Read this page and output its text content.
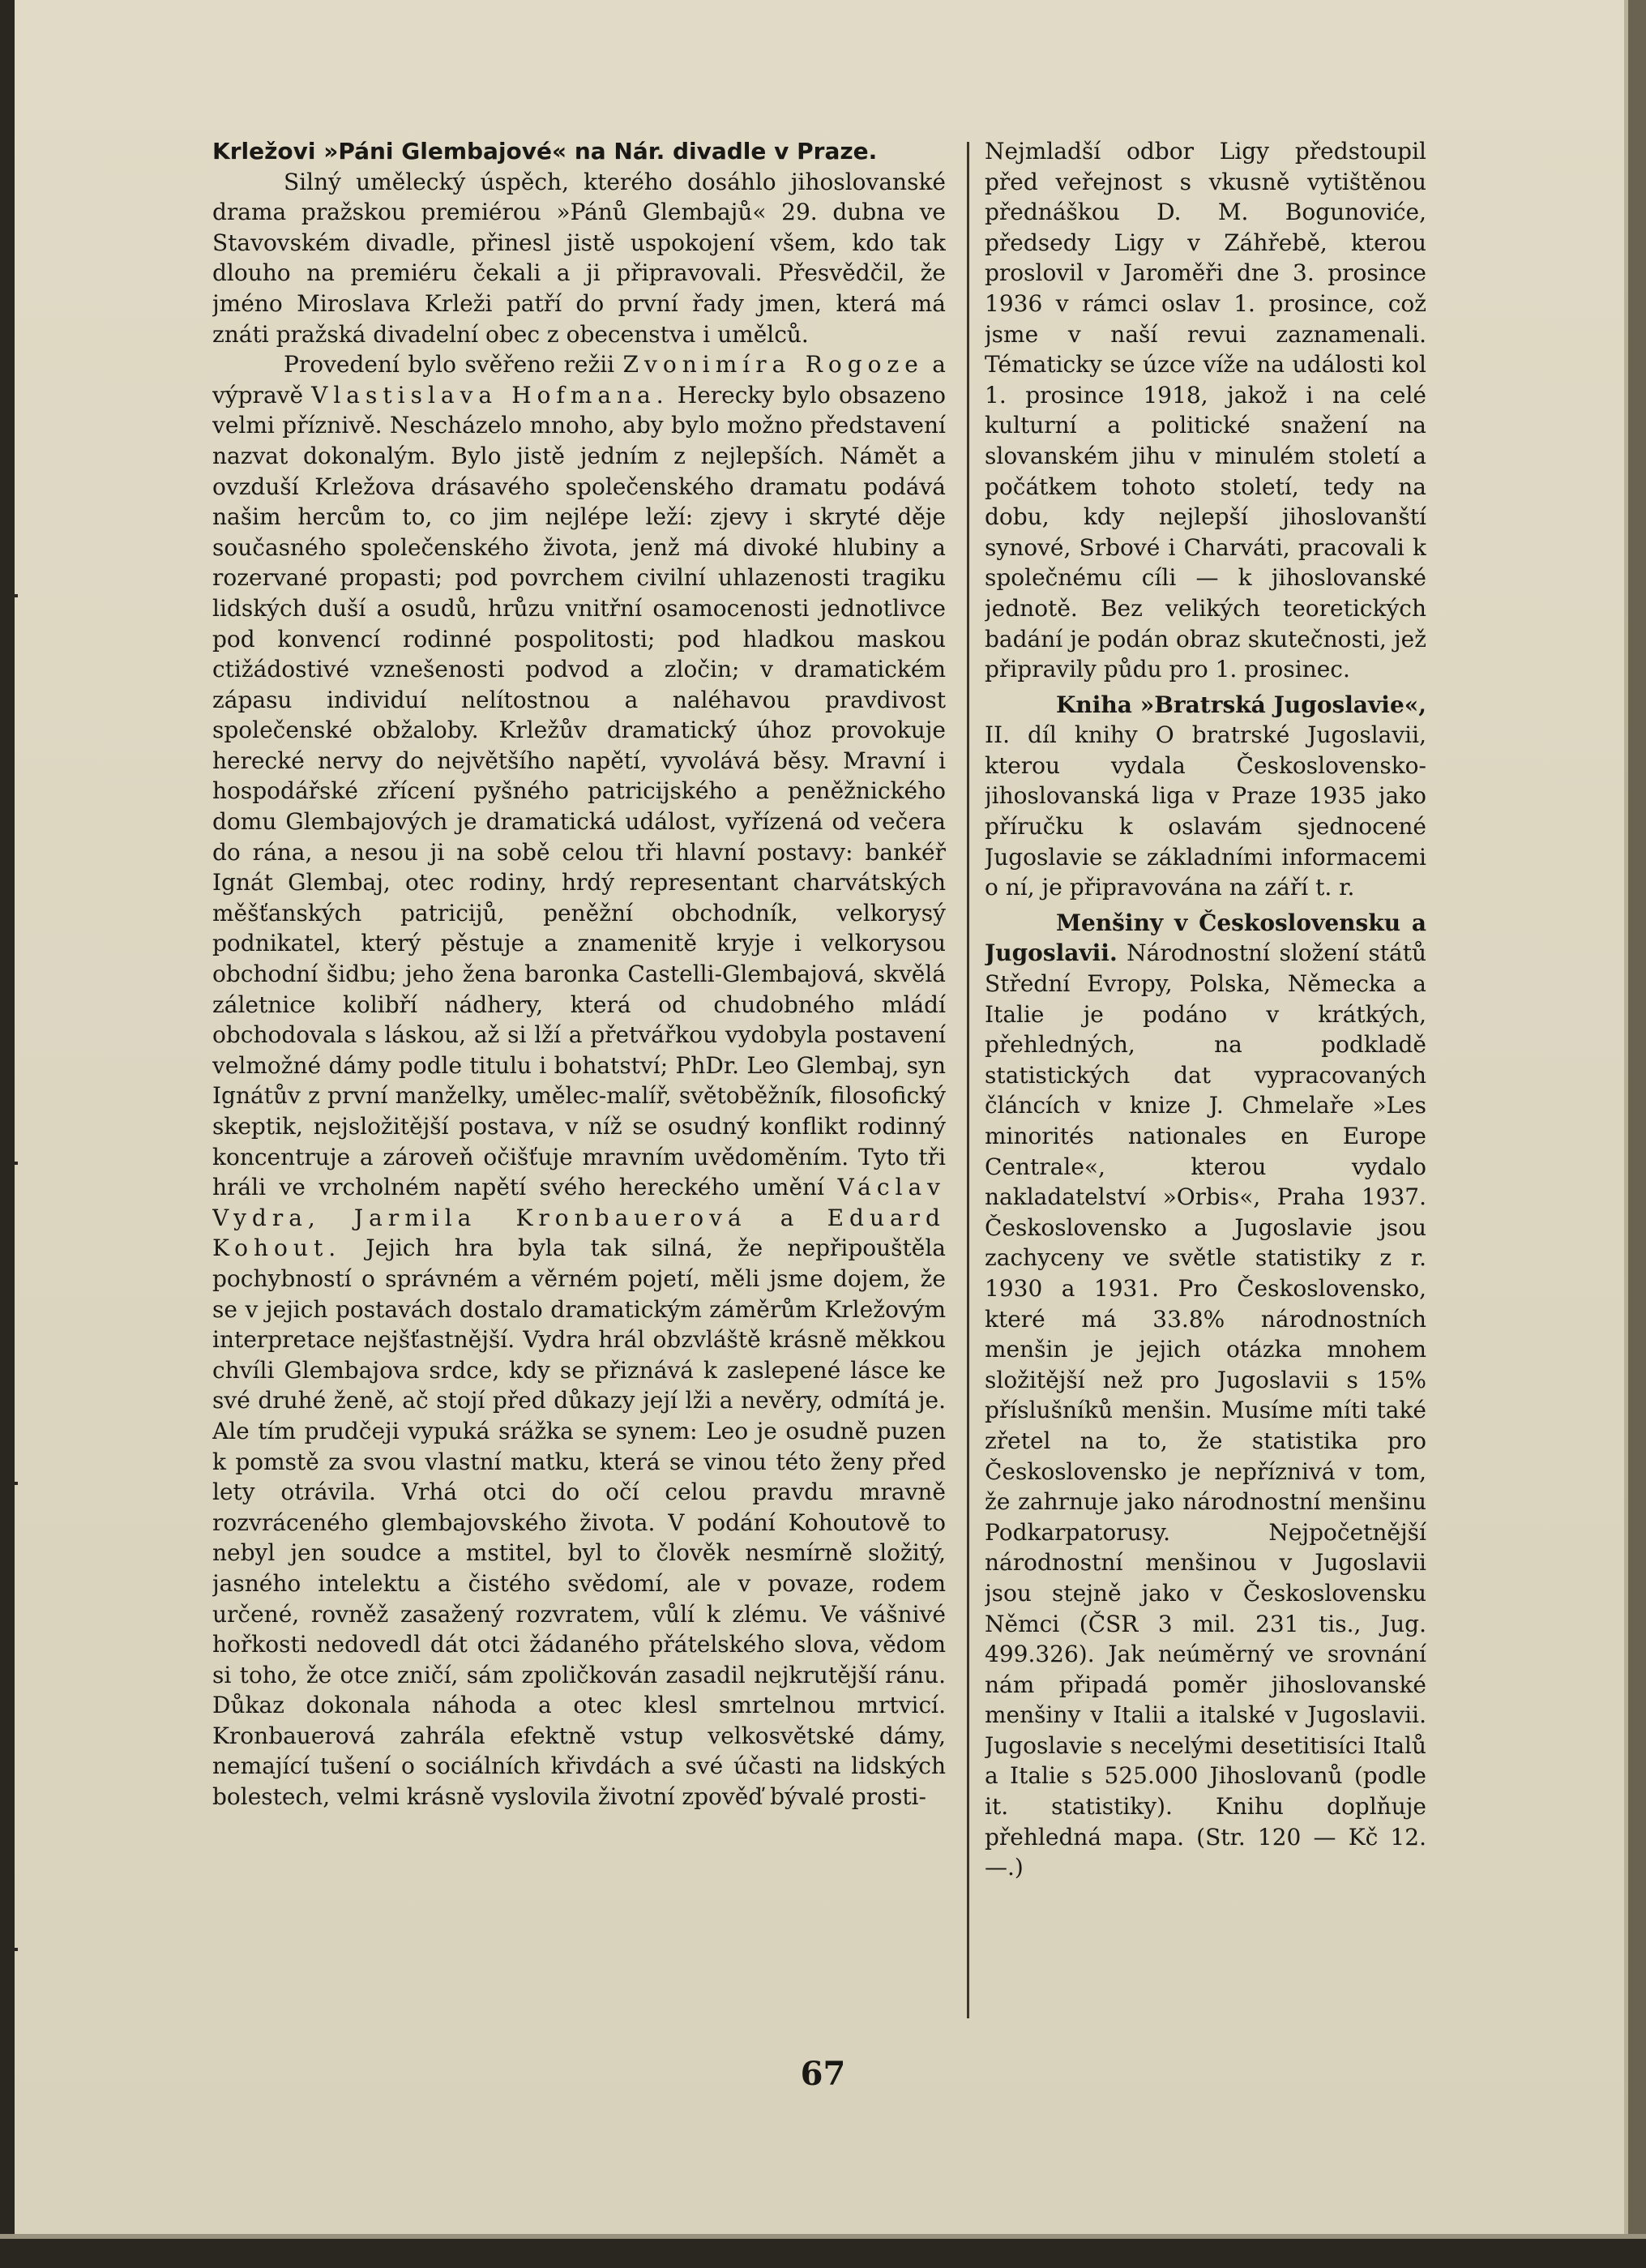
Krležovi »Páni Glembajové« na Nár. divadle v Praze.

Silný umělecký úspěch, kterého dosáhlo jihoslovanské drama pražskou premiérou »Pánů Glembajů« 29. dubna ve Stavovském divadle, přinesl jistě uspokojení všem, kdo tak dlouho na premiéru čekali a ji připravovali. Přesvědčil, že jméno Miroslava Krleži patří do první řady jmen, která má znáti pražská divadelní obec z obecenstva i umělců.

Provedení bylo svěřeno režii Zvonimíra Rogoze a výpravě Vlastislava Hofmana. Herecky bylo obsazeno velmi příznivě. Nescházelo mnoho, aby bylo možno představení nazvat dokonalým. Bylo jistě jedním z nejlepších. Námět a ovzduší Krležova drásavého společenského dramatu podává našim hercům to, co jim nejlépe leží: zjevy i skryté děje současného společenského života, jenž má divoké hlubiny a rozervané propasti; pod povrchem civilní uhlazenosti tragiku lidských duší a osudů, hrůzu vnitřní osamocenosti jednotlivce pod konvencí rodinné pospolitosti; pod hladkou maskou ctižádostivé vznešenosti podvod a zločin; v dramatickém zápasu individuí nelítostnou a naléhavou pravdivost společenské obžaloby. Krležův dramatický úhoz provokuje herecké nervy do největšího napětí, vyvolává běsy. Mravní i hospodářské zřícení pyšného patricijského a peněžnického domu Glembajových je dramatická událost, vyřízená od večera do rána, a nesou ji na sobě celou tři hlavní postavy: bankéř Ignát Glembaj, otec rodiny, hrdý representant charvátských měšťanských patricijů, peněžní obchodník, velkorysý podnikatel, který pěstuje a znamenitě kryje i velkorysou obchodní šidbu; jeho žena baronka Castelli-Glembajová, skvělá záletnice kolibří nádhery, která od chudobného mládí obchodovala s láskou, až si lží a přetvářkou vydobyla postavení velmožné dámy podle titulu i bohatství; PhDr. Leo Glembaj, syn Ignátův z první manželky, umělec-malíř, světoběžník, filosofický skeptik, nejsložitější postava, v níž se osudný konflikt rodinný koncentruje a zároveň očišťuje mravním uvědoměním. Tyto tři hráli ve vrcholném napětí svého hereckého umění Václav Vydra, Jarmila Kronbauerová a Eduard Kohout. Jejich hra byla tak silná, že nepřipouštěla pochybností o správném a věrném pojetí, měli jsme dojem, že se v jejich postavách dostalo dramatickým záměrům Krležovým interpretace nejšťastnější. Vydra hrál obzvláště krásně měkkou chvíli Glembajova srdce, kdy se přiznává k zaslepené lásce ke své druhé ženě, ač stojí před důkazy její lži a nevěry, odmítá je. Ale tím prudčeji vypuká srážka se synem: Leo je osudně puzen k pomstě za svou vlastní matku, která se vinou této ženy před lety otrávila. Vrhá otci do očí celou pravdu mravně rozvráceného glembajovského života. V podání Kohoutově to nebyl jen soudce a mstitel, byl to člověk nesmírně složitý, jasného intelektu a čistého svědomí, ale v povaze, rodem určené, rovněž zasažený rozvratem, vůlí k zlému. Ve vášnivé hořkosti nedovedl dát otci žádaného přátelského slova, vědom si toho, že otce zničí, sám zpoličkován zasadil nejkrutější ránu. Důkaz dokonala náhoda a otec klesl smrtelnou mrtvicí. Kronbauerová zahrála efektně vstup velkosvětské dámy, nemající tušení o sociálních křivdách a své účasti na lidských bolestech, velmi krásně vyslovila životní zpověď bývalé prosti-

Nejmladší odbor Ligy předstoupil před veřejnost s vkusně vytištěnou přednáškou D. M. Bogunoviće, předsedy Ligy v Záhřebě, kterou proslovil v Jaroměři dne 3. prosince 1936 v rámci oslav 1. prosince, což jsme v naší revui zaznamenali. Tématicky se úzce víže na události kol 1. prosince 1918, jakož i na celé kulturní a politické snažení na slovanském jihu v minulém století a počátkem tohoto století, tedy na dobu, kdy nejlepší jihoslovanští synové, Srbové i Charváti, pracovali k společnému cíli — k jihoslovanské jednotě. Bez velikých teoretických badání je podán obraz skutečnosti, jež připravily půdu pro 1. prosinec.

Kniha »Bratrská Jugoslavie«, II. díl knihy O bratrské Jugoslavii, kterou vydala Československo-jihoslovanská liga v Praze 1935 jako příručku k oslavám sjednocené Jugoslavie se základními informacemi o ní, je připravována na září t. r.

Menšiny v Československu a Jugoslavii. Národnostní složení států Střední Evropy, Polska, Německa a Italie je podáno v krátkých, přehledných, na podkladě statistických dat vypracovaných článcích v knize J. Chmelaře »Les minorités nationales en Europe Centrale«, kterou vydalo nakladatelství »Orbis«, Praha 1937. Československo a Jugoslavie jsou zachyceny ve světle statistiky z r. 1930 a 1931. Pro Československo, které má 33.8% národnostních menšin je jejich otázka mnohem složitější než pro Jugoslavii s 15% příslušníků menšin. Musíme míti také zřetel na to, že statistika pro Československo je nepříznivá v tom, že zahrnuje jako národnostní menšinu Podkarpatorusy. Nejpočetnější národnostní menšinou v Jugoslavii jsou stejně jako v Československu Němci (ČSR 3 mil. 231 tis., Jug. 499.326). Jak neúměrný ve srovnání nám připadá poměr jihoslovanské menšiny v Italii a italské v Jugoslavii. Jugoslavie s necelými desetitisíci Italů a Italie s 525.000 Jihoslovanů (podle it. statistiky). Knihu doplňuje přehledná mapa. (Str. 120 — Kč 12.—.)

67
